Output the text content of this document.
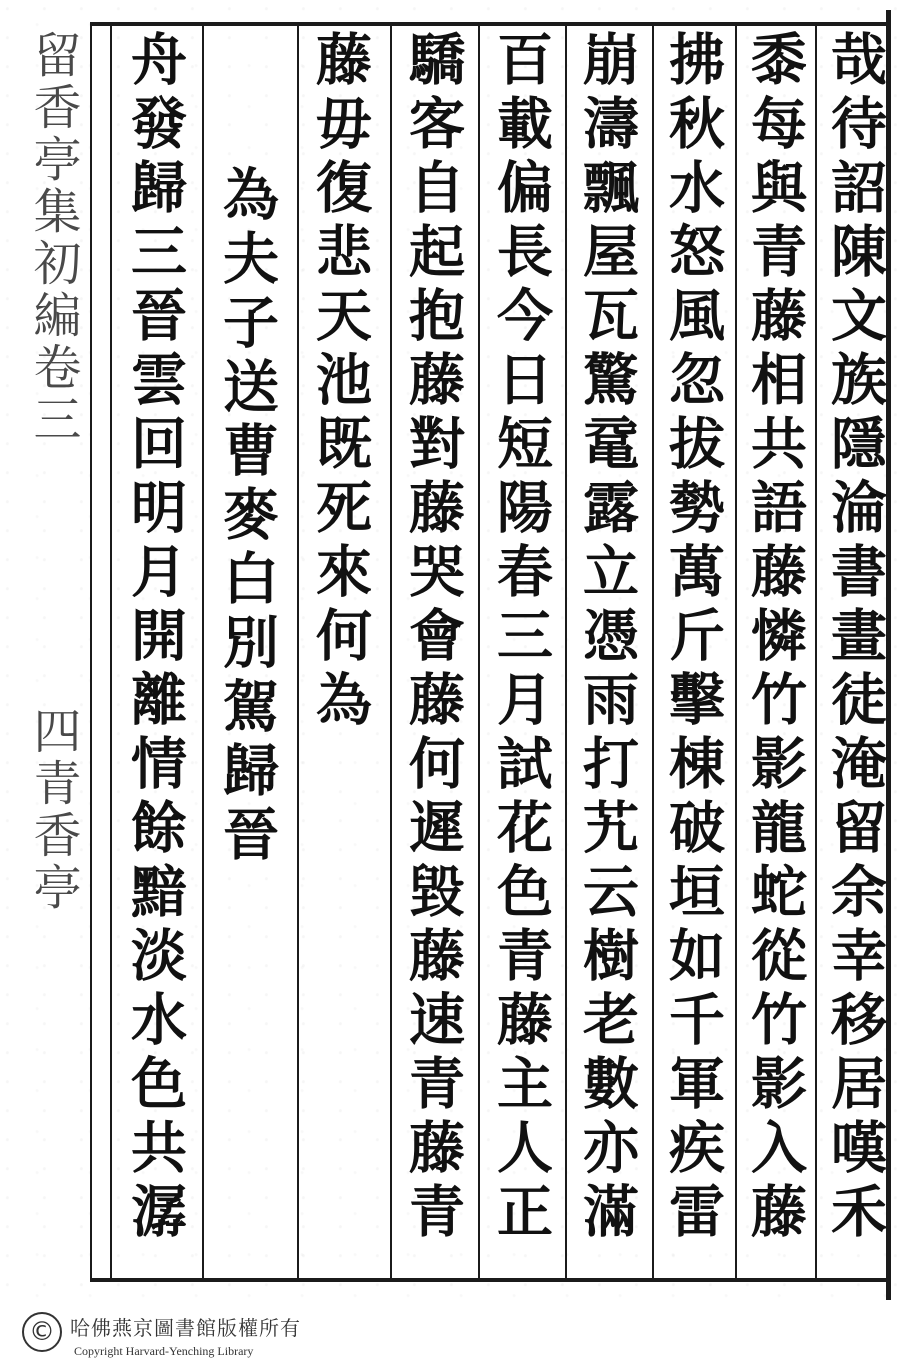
哉待詔陳文族隱淪書畫徒淹留余幸移居嘆禾
黍每與青藤相共語藤憐竹影龍蛇從竹影入藤
拂秋水怒風忽拔勢萬斤擊棟破垣如千軍疾雷
崩濤飄屋瓦驚鼋露立憑雨打艽云樹老數亦滿
百載偏長今日短陽春三月試花色青藤主人正
驕客自起抱藤對藤哭會藤何遲毀藤速青藤青
藤毋復悲天池既死來何為
為夫子送曹麥白別駕歸晉
舟發歸三晉雲回明月開離情餘黯淡水色共潺
留香亭集初編卷三四青香亭
© 哈佛燕京圖書館版權所有
Copyright Harvard-Yenching Library
